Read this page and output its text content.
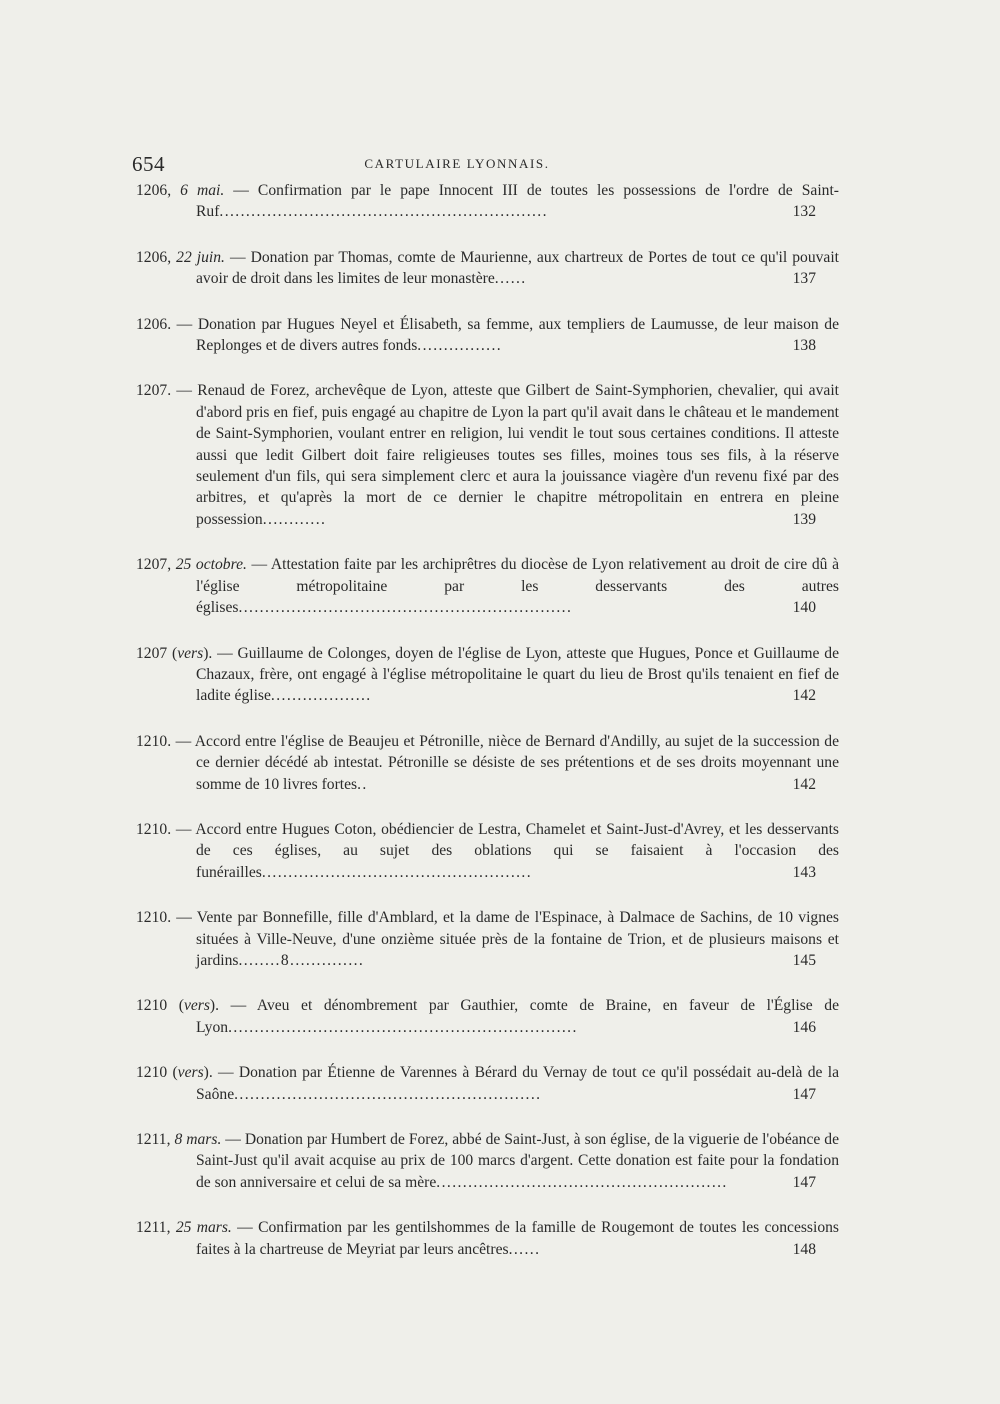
654	CARTULAIRE LYONNAIS.
1206, 6 mai. — Confirmation par le pape Innocent III de toutes les possessions de l'ordre de Saint-Ruf..............................................................	132
1206, 22 juin. — Donation par Thomas, comte de Maurienne, aux chartreux de Portes de tout ce qu'il pouvait avoir de droit dans les limites de leur monastère......	137
1206. — Donation par Hugues Neyel et Élisabeth, sa femme, aux templiers de Laumusse, de leur maison de Replonges et de divers autres fonds................	138
1207. — Renaud de Forez, archevêque de Lyon, atteste que Gilbert de Saint-Symphorien, chevalier, qui avait d'abord pris en fief, puis engagé au chapitre de Lyon la part qu'il avait dans le château et le mandement de Saint-Symphorien, voulant entrer en religion, lui vendit le tout sous certaines conditions. Il atteste aussi que ledit Gilbert doit faire religieuses toutes ses filles, moines tous ses fils, à la réserve seulement d'un fils, qui sera simplement clerc et aura la jouissance viagère d'un revenu fixé par des arbitres, et qu'après la mort de ce dernier le chapitre métropolitain en entrera en pleine possession............	139
1207, 25 octobre. — Attestation faite par les archiprêtres du diocèse de Lyon relativement au droit de cire dû à l'église métropolitaine par les desservants des autres églises...............................................................	140
1207 (vers). — Guillaume de Colonges, doyen de l'église de Lyon, atteste que Hugues, Ponce et Guillaume de Chazaux, frère, ont engagé à l'église métropolitaine le quart du lieu de Brost qu'ils tenaient en fief de ladite église...................	142
1210. — Accord entre l'église de Beaujeu et Pétronille, nièce de Bernard d'Andilly, au sujet de la succession de ce dernier décédé ab intestat. Pétronille se désiste de ses prétentions et de ses droits moyennant une somme de 10 livres fortes..	142
1210. — Accord entre Hugues Coton, obédiencier de Lestra, Chamelet et Saint-Just-d'Avrey, et les desservants de ces églises, au sujet des oblations qui se faisaient à l'occasion des funérailles...................................................	143
1210. — Vente par Bonnefille, fille d'Amblard, et la dame de l'Espinace, à Dalmace de Sachins, de 10 vignes situées à Ville-Neuve, d'une onzième située près de la fontaine de Trion, et de plusieurs maisons et jardins........8..............	145
1210 (vers). — Aveu et dénombrement par Gauthier, comte de Braine, en faveur de l'Église de Lyon..................................................................	146
1210 (vers). — Donation par Étienne de Varennes à Bérard du Vernay de tout ce qu'il possédait au-delà de la Saône..........................................................	147
1211, 8 mars. — Donation par Humbert de Forez, abbé de Saint-Just, à son église, de la viguerie de l'obéance de Saint-Just qu'il avait acquise au prix de 100 marcs d'argent. Cette donation est faite pour la fondation de son anniversaire et celui de sa mère.......................................................	147
1211, 25 mars. — Confirmation par les gentilshommes de la famille de Rougemont de toutes les concessions faites à la chartreuse de Meyriat par leurs ancêtres......	148
